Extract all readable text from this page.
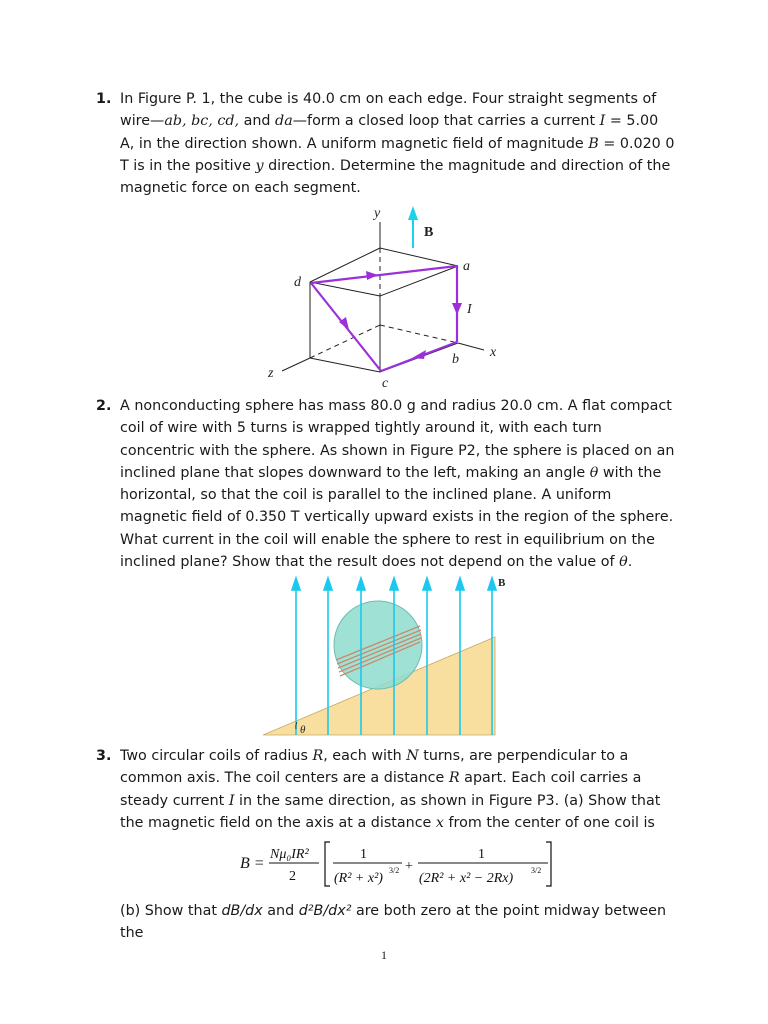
1. In Figure P. 1, the cube is 40.0 cm on each edge. Four straight segments of wire—ab, bc, cd, and da—form a closed loop that carries a current I = 5.00 A, in the direction shown. A uniform magnetic field of magnitude B = 0.020 0 T is in the positive y direction. Determine the magnitude and direction of the magnetic force on each segment.
y
B
a
d
I
x
b
z
c
2. A nonconducting sphere has mass 80.0 g and radius 20.0 cm. A flat compact coil of wire with 5 turns is wrapped tightly around it, with each turn concentric with the sphere. As shown in Figure P2, the sphere is placed on an inclined plane that slopes downward to the left, making an angle θ with the horizontal, so that the coil is parallel to the inclined plane. A uniform magnetic field of 0.350 T vertically upward exists in the region of the sphere. What current in the coil will enable the sphere to rest in equilibrium on the inclined plane? Show that the result does not depend on the value of θ.
B
θ
3. Two circular coils of radius R, each with N turns, are perpendicular to a common axis. The coil centers are a distance R apart. Each coil carries a steady current I in the same direction, as shown in Figure P3. (a) Show that the magnetic field on the axis at a distance x from the center of one coil is
B =
Nμ₀IR²
2
1
(R² + x²)
3/2 +
1
(2R² + x² − 2Rx)
3/2
(b) Show that dB/dx and d²B/dx² are both zero at the point midway between the
1
